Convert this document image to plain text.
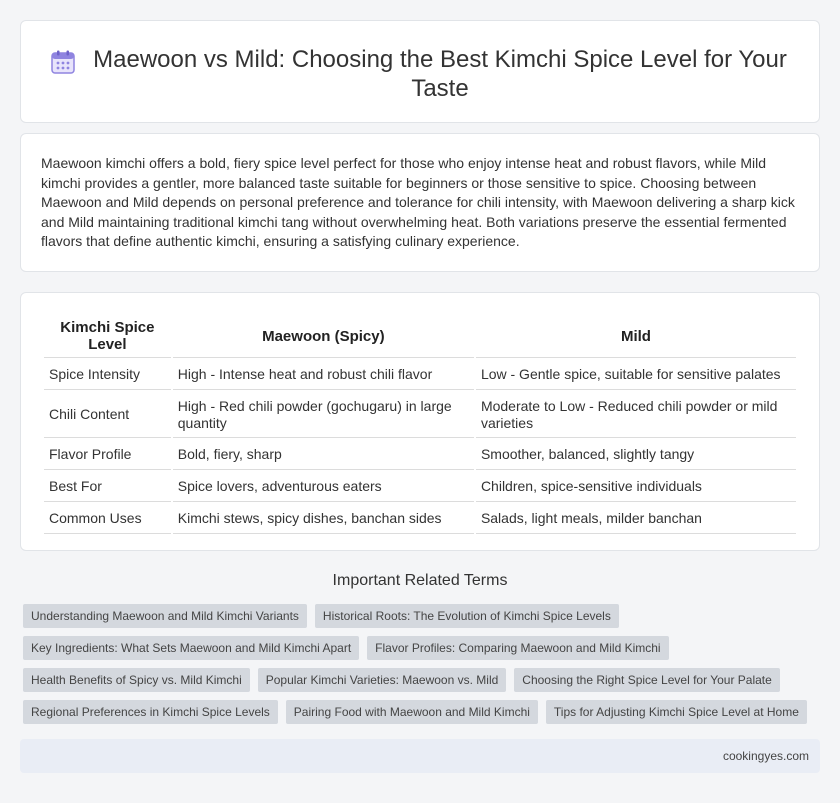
Maewoon vs Mild: Choosing the Best Kimchi Spice Level for Your Taste

Maewoon kimchi offers a bold, fiery spice level perfect for those who enjoy intense heat and robust flavors, while Mild kimchi provides a gentler, more balanced taste suitable for beginners or those sensitive to spice. Choosing between Maewoon and Mild depends on personal preference and tolerance for chili intensity, with Maewoon delivering a sharp kick and Mild maintaining traditional kimchi tang without overwhelming heat. Both variations preserve the essential fermented flavors that define authentic kimchi, ensuring a satisfying culinary experience.

Kimchi Spice Level	Maewoon (Spicy)	Mild
Spice Intensity	High - Intense heat and robust chili flavor	Low - Gentle spice, suitable for sensitive palates
Chili Content	High - Red chili powder (gochugaru) in large quantity	Moderate to Low - Reduced chili powder or mild varieties
Flavor Profile	Bold, fiery, sharp	Smoother, balanced, slightly tangy
Best For	Spice lovers, adventurous eaters	Children, spice-sensitive individuals
Common Uses	Kimchi stews, spicy dishes, banchan sides	Salads, light meals, milder banchan
Important Related Terms
Understanding Maewoon and Mild Kimchi Variants	Historical Roots: The Evolution of Kimchi Spice Levels
Key Ingredients: What Sets Maewoon and Mild Kimchi Apart	Flavor Profiles: Comparing Maewoon and Mild Kimchi
Health Benefits of Spicy vs. Mild Kimchi	Popular Kimchi Varieties: Maewoon vs. Mild	Choosing the Right Spice Level for Your Palate
Regional Preferences in Kimchi Spice Levels	Pairing Food with Maewoon and Mild Kimchi	Tips for Adjusting Kimchi Spice Level at Home
cookingyes.com
